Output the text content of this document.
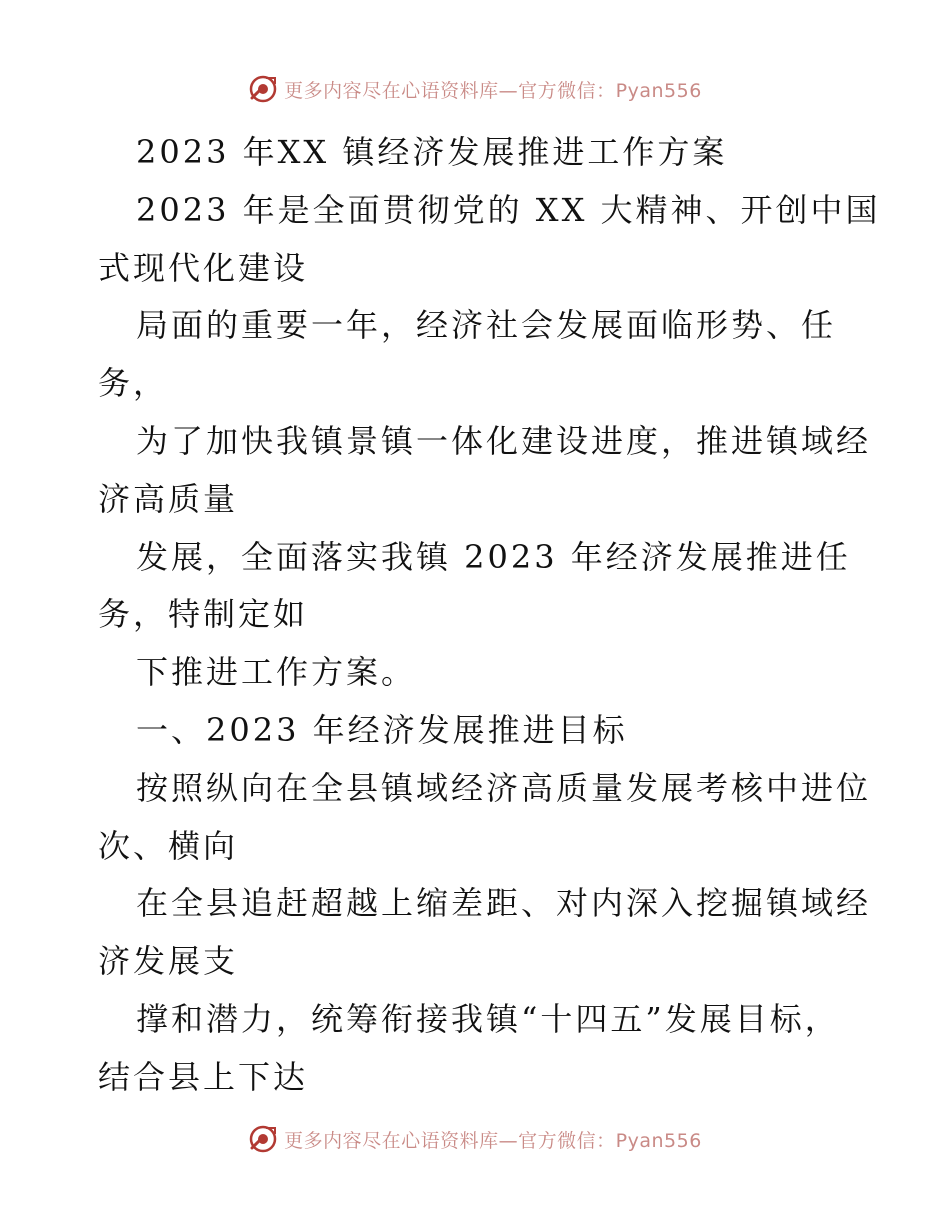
更多内容尽在心语资料库—官方微信：Pyan556
2023 年XX 镇经济发展推进工作方案
2023 年是全面贯彻党的 XX 大精神、开创中国
式现代化建设
局面的重要一年，经济社会发展面临形势、任
务，
为了加快我镇景镇一体化建设进度，推进镇域经
济高质量
发展，全面落实我镇 2023 年经济发展推进任
务，特制定如
下推进工作方案。
一、2023 年经济发展推进目标
按照纵向在全县镇域经济高质量发展考核中进位
次、横向
在全县追赶超越上缩差距、对内深入挖掘镇域经
济发展支
撑和潜力，统筹衔接我镇“十四五”发展目标，
结合县上下达
更多内容尽在心语资料库—官方微信：Pyan556
